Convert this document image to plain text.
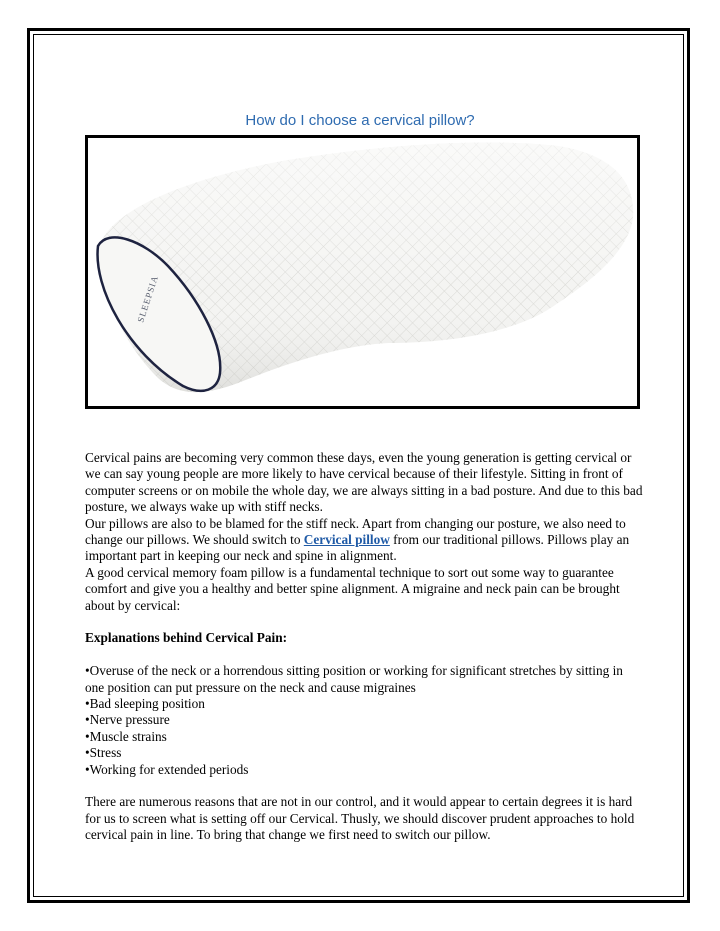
How do I choose a cervical pillow?
SLEEPSIA

Cervical pains are becoming very common these days, even the young generation is getting cervical or we can say young people are more likely to have cervical because of their lifestyle. Sitting in front of computer screens or on mobile the whole day, we are always sitting in a bad posture. And due to this bad posture, we always wake up with stiff necks.

Our pillows are also to be blamed for the stiff neck. Apart from changing our posture, we also need to change our pillows. We should switch to Cervical pillow from our traditional pillows. Pillows play an important part in keeping our neck and spine in alignment.

A good cervical memory foam pillow is a fundamental technique to sort out some way to guarantee comfort and give you a healthy and better spine alignment. A migraine and neck pain can be brought about by cervical:

Explanations behind Cervical Pain:

•Overuse of the neck or a horrendous sitting position or working for significant stretches by sitting in one position can put pressure on the neck and cause migraines

•Bad sleeping position

•Nerve pressure

•Muscle strains

•Stress

•Working for extended periods

There are numerous reasons that are not in our control, and it would appear to certain degrees it is hard for us to screen what is setting off our Cervical. Thusly, we should discover prudent approaches to hold cervical pain in line. To bring that change we first need to switch our pillow.
